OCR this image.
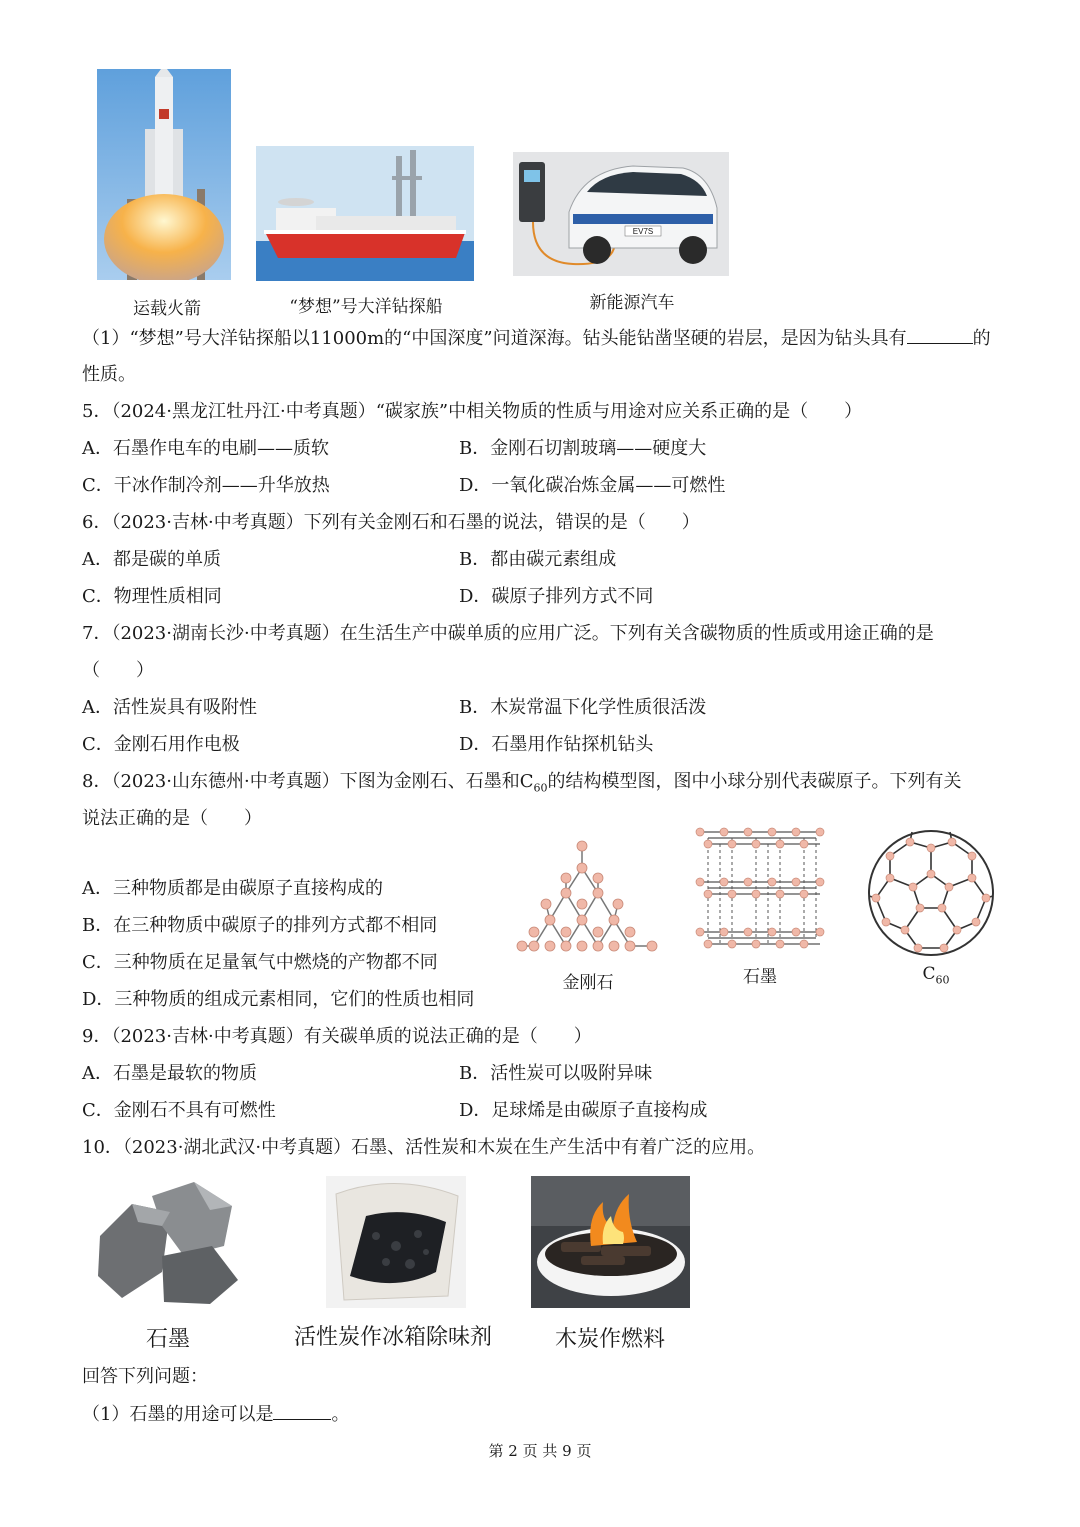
EV7S
运载火箭	“梦想”号大洋钻探船	新能源汽车
（1）“梦想”号大洋钻探船以11000m的“中国深度”问道深海。钻头能钻凿坚硬的岩层，是因为钻头具有	的
性质。
5．（2024·黑龙江牡丹江·中考真题）“碳家族”中相关物质的性质与用途对应关系正确的是（　　）
A．石墨作电车的电刷——质软	B．金刚石切割玻璃——硬度大
C．干冰作制冷剂——升华放热	D．一氧化碳冶炼金属——可燃性
6．（2023·吉林·中考真题）下列有关金刚石和石墨的说法，错误的是（　　）
A．都是碳的单质	B．都由碳元素组成
C．物理性质相同	D．碳原子排列方式不同
7．（2023·湖南长沙·中考真题）在生活生产中碳单质的应用广泛。下列有关含碳物质的性质或用途正确的是
（　　）
A．活性炭具有吸附性	B．木炭常温下化学性质很活泼
C．金刚石用作电极	D．石墨用作钻探机钻头
8．（2023·山东德州·中考真题）下图为金刚石、石墨和$C_{60}$的结构模型图，图中小球分别代表碳原子。下列有关
说法正确的是（　　）
A．三种物质都是由碳原子直接构成的
B．在三种物质中碳原子的排列方式都不相同
C．三种物质在足量氧气中燃烧的产物都不同
D．三种物质的组成元素相同，它们的性质也相同
金刚石	石墨	$C_{60}$
9．（2023·吉林·中考真题）有关碳单质的说法正确的是（　　）
A．石墨是最软的物质	B．活性炭可以吸附异味
C．金刚石不具有可燃性	D．足球烯是由碳原子直接构成
10．（2023·湖北武汉·中考真题）石墨、活性炭和木炭在生产生活中有着广泛的应用。
石墨	活性炭作冰箱除味剂	木炭作燃料
回答下列问题：
（1）石墨的用途可以是	。
第 2 页 共 9 页
